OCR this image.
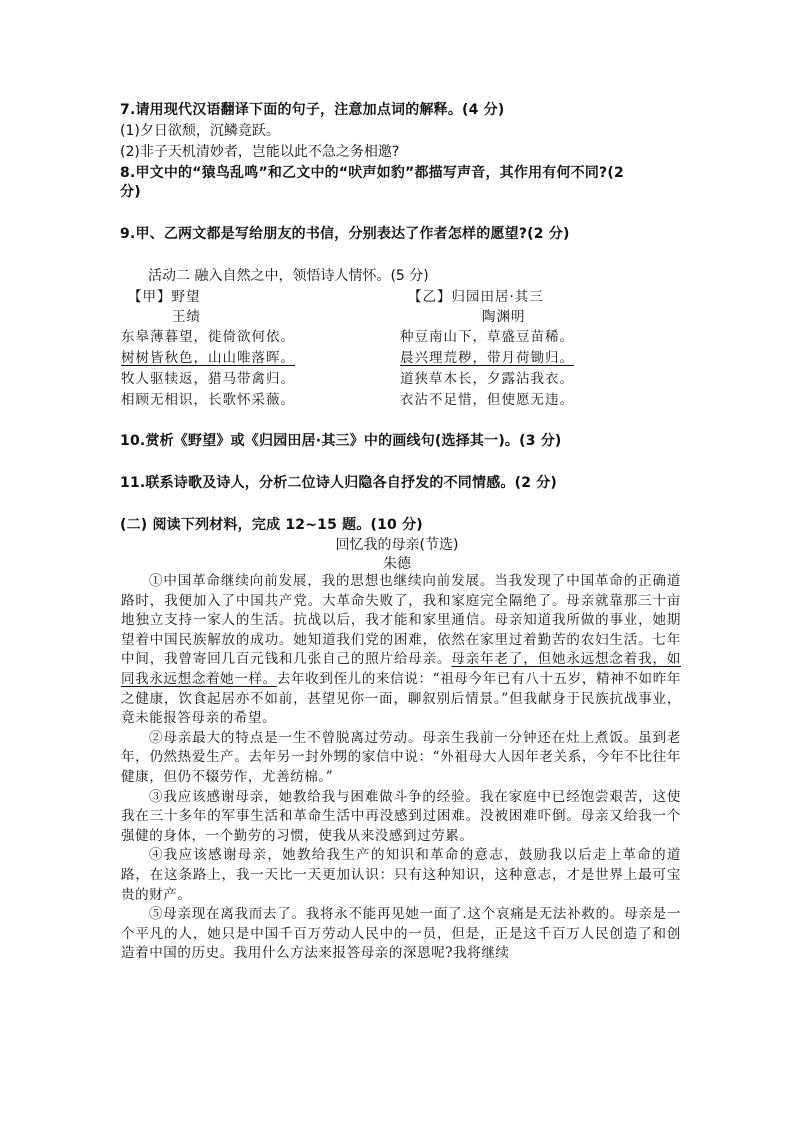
7.请用现代汉语翻译下面的句子，注意加点词的解释。(4 分)
(1)夕日欲颓，沉鳞竞跃。
(2)非子天机清妙者，岂能以此不急之务相邀?
8.甲文中的“猿鸟乱鸣”和乙文中的“吠声如豹”都描写声音，其作用有何不同?(2
分)
9.甲、乙两文都是写给朋友的书信，分别表达了作者怎样的愿望?(2 分)
活动二 融入自然之中，领悟诗人情怀。(5 分)
【甲】野望
王绩
东皋薄暮望，徙倚欲何依。
树树皆秋色，山山唯落晖。
牧人驱犊返，猎马带禽归。
相顾无相识，长歌怀采薇。
【乙】归园田居·其三
陶渊明
种豆南山下，草盛豆苗稀。
晨兴理荒秽，带月荷锄归。
道狭草木长，夕露沾我衣。
衣沾不足惜，但使愿无违。
10.赏析《野望》或《归园田居·其三》中的画线句(选择其一)。(3 分)
11.联系诗歌及诗人，分析二位诗人归隐各自抒发的不同情感。(2 分)
(二) 阅读下列材料，完成 12~15 题。(10 分)
回忆我的母亲(节选)
朱德

①中国革命继续向前发展，我的思想也继续向前发展。当我发现了中国革命的正确道路时，我便加入了中国共产党。大革命失败了，我和家庭完全隔绝了。母亲就靠那三十亩地独立支持一家人的生活。抗战以后，我才能和家里通信。母亲知道我所做的事业，她期望着中国民族解放的成功。她知道我们党的困难，依然在家里过着勤苦的农妇生活。七年中间，我曾寄回几百元钱和几张自己的照片给母亲。母亲年老了，但她永远想念着我，如同我永远想念着她一样。去年收到侄儿的来信说：“祖母今年已有八十五岁，精神不如昨年之健康，饮食起居亦不如前，甚望见你一面，聊叙别后情景。”但我献身于民族抗战事业，竟未能报答母亲的希望。

②母亲最大的特点是一生不曾脱离过劳动。母亲生我前一分钟还在灶上煮饭。虽到老年，仍然热爱生产。去年另一封外甥的家信中说：“外祖母大人因年老关系，今年不比往年健康，但仍不辍劳作，尤善纺棉。”

③我应该感谢母亲，她教给我与困难做斗争的经验。我在家庭中已经饱尝艰苦，这使我在三十多年的军事生活和革命生活中再没感到过困难。没被困难吓倒。母亲又给我一个强健的身体，一个勤劳的习惯，使我从来没感到过劳累。

④我应该感谢母亲，她教给我生产的知识和革命的意志，鼓励我以后走上革命的道路，在这条路上，我一天比一天更加认识：只有这种知识，这种意志，才是世界上最可宝贵的财产。

⑤母亲现在离我而去了。我将永不能再见她一面了.这个哀痛是无法补救的。母亲是一个平凡的人，她只是中国千百万劳动人民中的一员，但是，正是这千百万人民创造了和创造着中国的历史。我用什么方法来报答母亲的深恩呢?我将继续
